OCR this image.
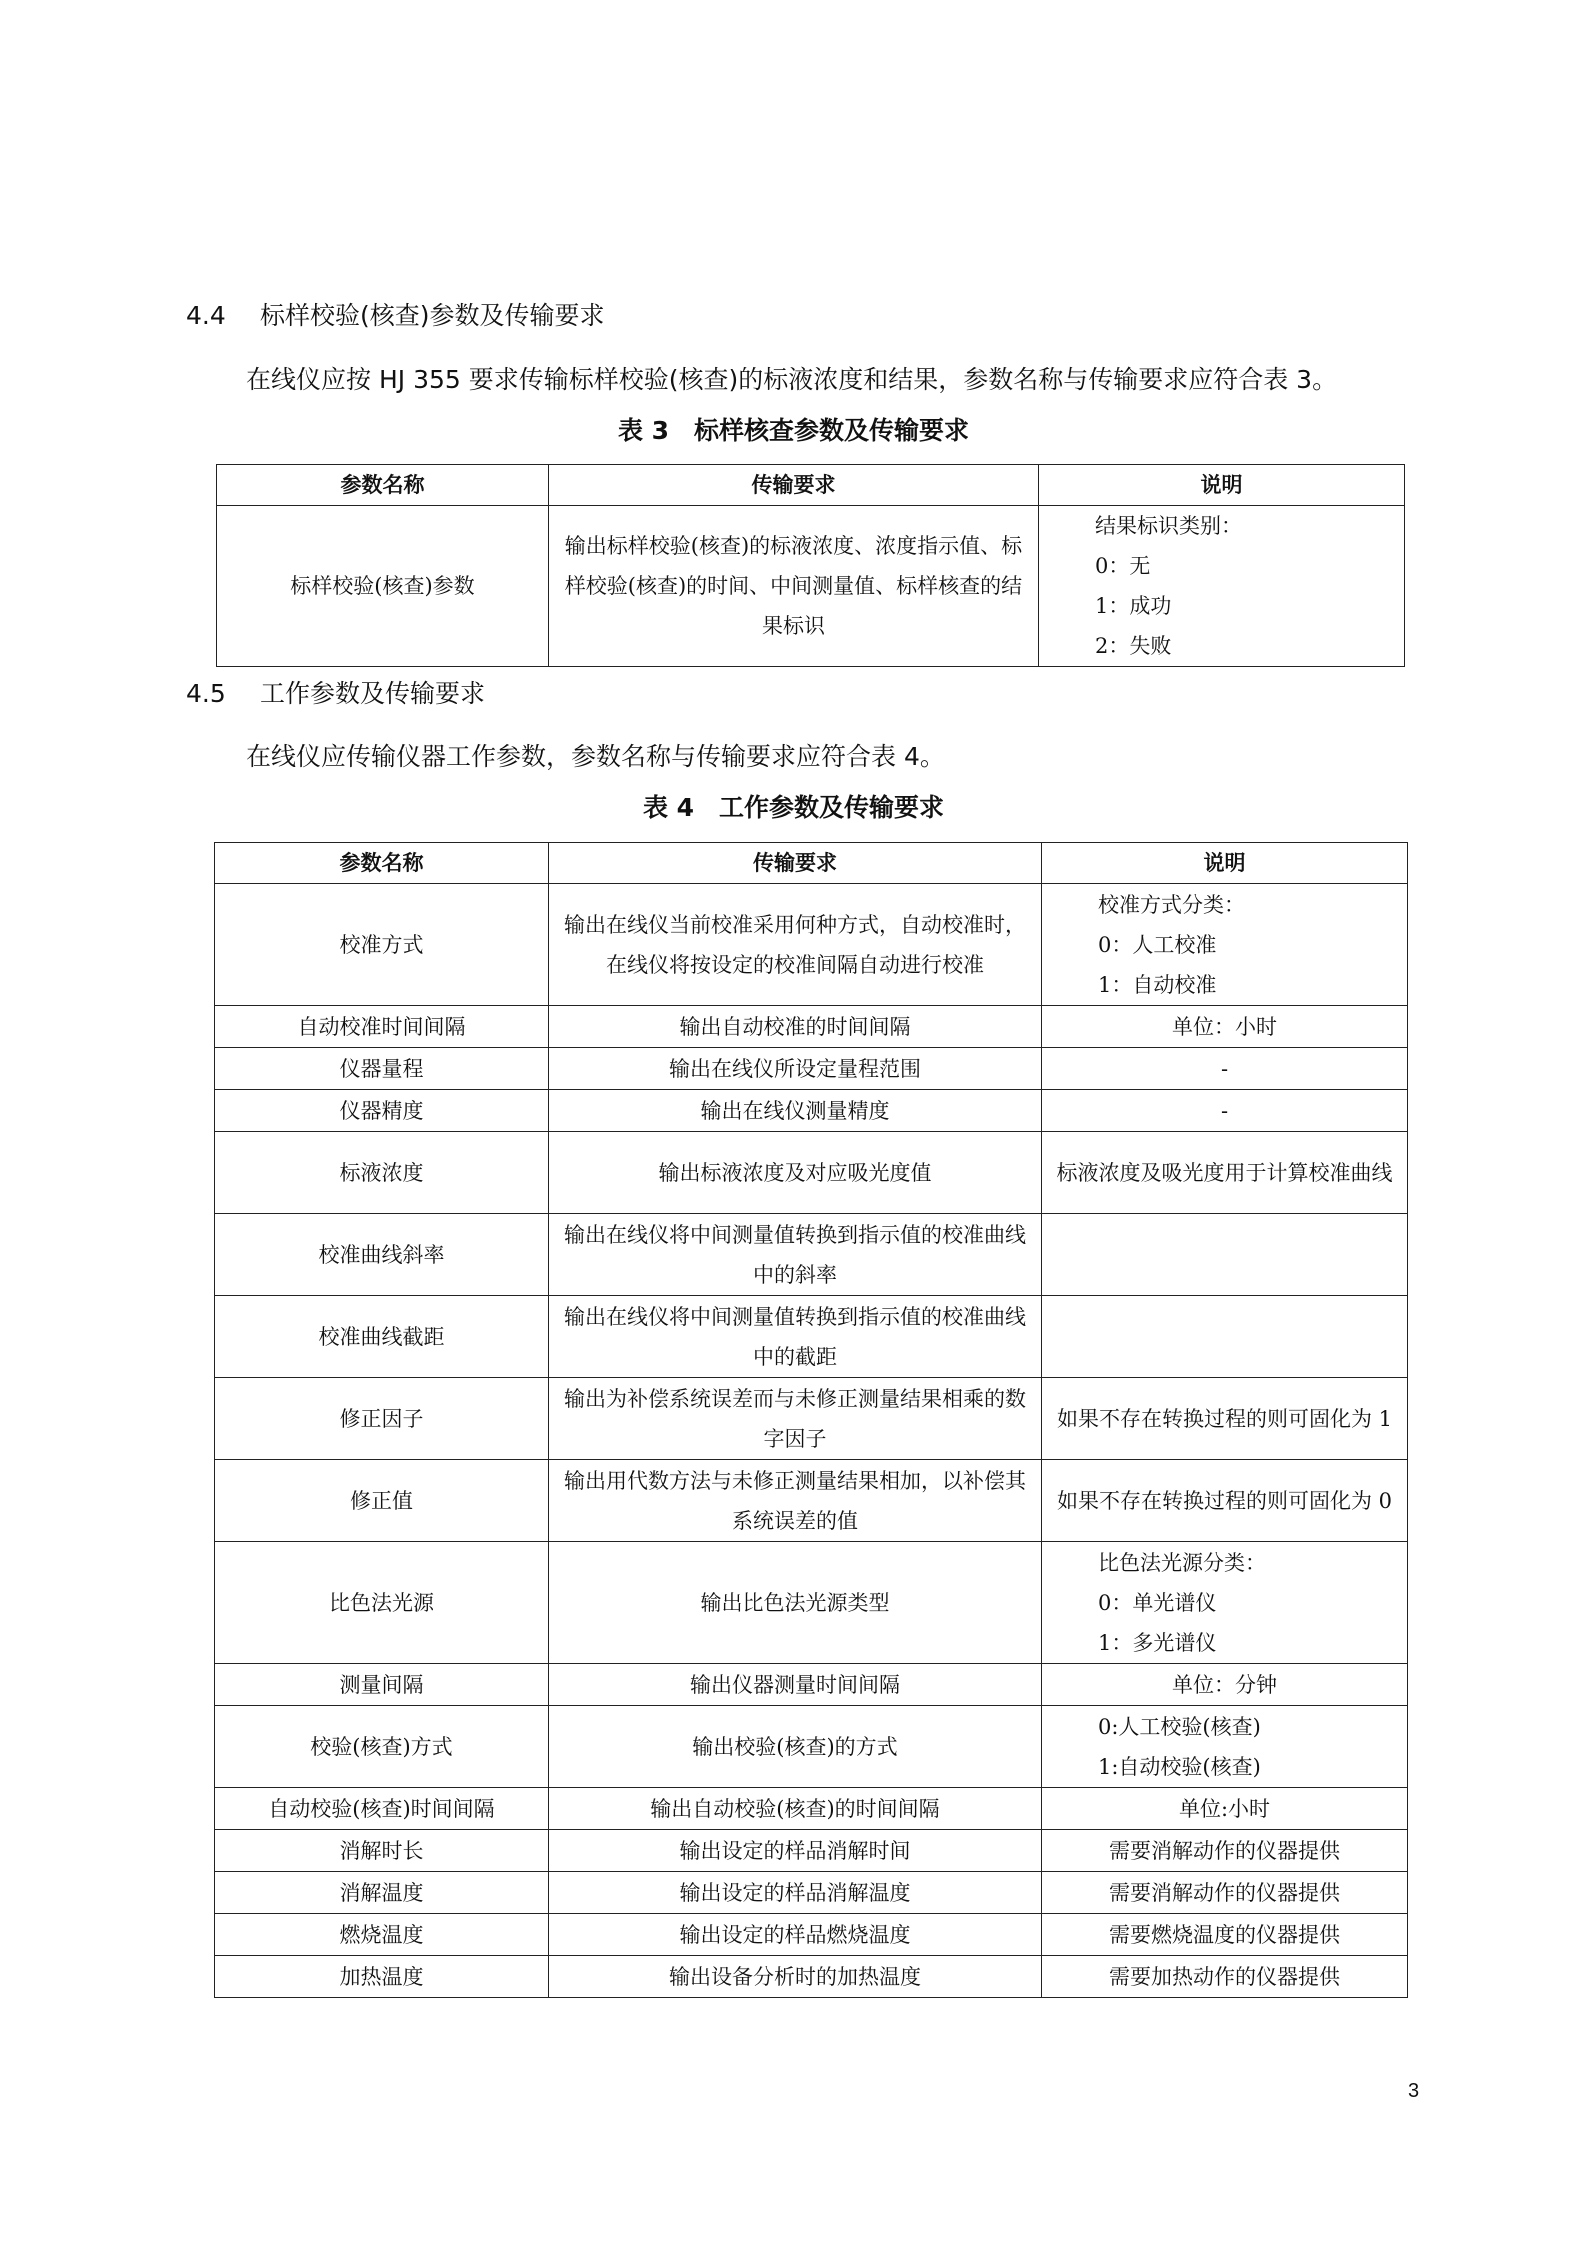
4.4 标样校验(核查)参数及传输要求
在线仪应按 HJ 355 要求传输标样校验(核查)的标液浓度和结果，参数名称与传输要求应符合表 3。
表 3　标样核查参数及传输要求
参数名称	传输要求	说明
标样校验(核查)参数	输出标样校验(核查)的标液浓度、浓度指示值、标样校验(核查)的时间、中间测量值、标样核查的结果标识	结果标识类别：
0：无
1：成功
2：失败
4.5 工作参数及传输要求
在线仪应传输仪器工作参数，参数名称与传输要求应符合表 4。
表 4　工作参数及传输要求
参数名称	传输要求	说明
校准方式	输出在线仪当前校准采用何种方式，自动校准时，在线仪将按设定的校准间隔自动进行校准	校准方式分类：
0：人工校准
1：自动校准

自动校准时间间隔	输出自动校准的时间间隔	单位：小时
仪器量程	输出在线仪所设定量程范围	-
仪器精度	输出在线仪测量精度	-
标液浓度	输出标液浓度及对应吸光度值	标液浓度及吸光度用于计算校准曲线
校准曲线斜率	输出在线仪将中间测量值转换到指示值的校准曲线中的斜率	
校准曲线截距	输出在线仪将中间测量值转换到指示值的校准曲线中的截距	
修正因子	输出为补偿系统误差而与未修正测量结果相乘的数字因子	如果不存在转换过程的则可固化为 1
修正值	输出用代数方法与未修正测量结果相加，以补偿其系统误差的值	如果不存在转换过程的则可固化为 0
比色法光源	输出比色法光源类型	比色法光源分类：
0：单光谱仪
1：多光谱仪

测量间隔	输出仪器测量时间间隔	单位：分钟
校验(核查)方式	输出校验(核查)的方式	0:人工校验(核查)
1:自动校验(核查)

自动校验(核查)时间间隔	输出自动校验(核查)的时间间隔	单位:小时
消解时长	输出设定的样品消解时间	需要消解动作的仪器提供
消解温度	输出设定的样品消解温度	需要消解动作的仪器提供
燃烧温度	输出设定的样品燃烧温度	需要燃烧温度的仪器提供
加热温度	输出设备分析时的加热温度	需要加热动作的仪器提供
3
